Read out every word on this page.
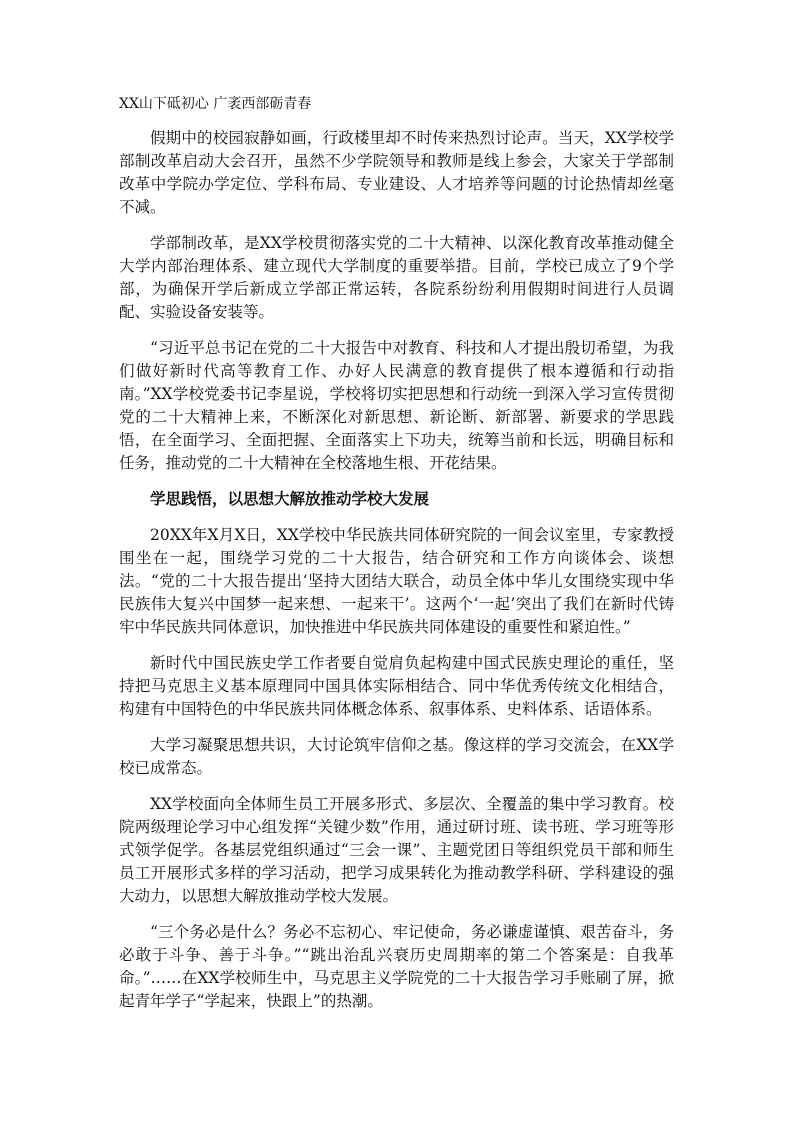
XX山下砥初心 广袤西部砺青春

假期中的校园寂静如画，行政楼里却不时传来热烈讨论声。当天，XX学校学部制改革启动大会召开，虽然不少学院领导和教师是线上参会，大家关于学部制改革中学院办学定位、学科布局、专业建设、人才培养等问题的讨论热情却丝毫不减。

学部制改革，是XX学校贯彻落实党的二十大精神、以深化教育改革推动健全大学内部治理体系、建立现代大学制度的重要举措。目前，学校已成立了9个学部，为确保开学后新成立学部正常运转，各院系纷纷利用假期时间进行人员调配、实验设备安装等。

“习近平总书记在党的二十大报告中对教育、科技和人才提出殷切希望，为我们做好新时代高等教育工作、办好人民满意的教育提供了根本遵循和行动指南。”XX学校党委书记李星说，学校将切实把思想和行动统一到深入学习宣传贯彻党的二十大精神上来，不断深化对新思想、新论断、新部署、新要求的学思践悟，在全面学习、全面把握、全面落实上下功夫，统筹当前和长远，明确目标和任务，推动党的二十大精神在全校落地生根、开花结果。

学思践悟，以思想大解放推动学校大发展

20XX年X月X日，XX学校中华民族共同体研究院的一间会议室里，专家教授围坐在一起，围绕学习党的二十大报告，结合研究和工作方向谈体会、谈想法。“党的二十大报告提出‘坚持大团结大联合，动员全体中华儿女围绕实现中华民族伟大复兴中国梦一起来想、一起来干’。这两个‘一起’突出了我们在新时代铸牢中华民族共同体意识，加快推进中华民族共同体建设的重要性和紧迫性。”

新时代中国民族史学工作者要自觉肩负起构建中国式民族史理论的重任，坚持把马克思主义基本原理同中国具体实际相结合、同中华优秀传统文化相结合，构建有中国特色的中华民族共同体概念体系、叙事体系、史料体系、话语体系。

大学习凝聚思想共识，大讨论筑牢信仰之基。像这样的学习交流会，在XX学校已成常态。

XX学校面向全体师生员工开展多形式、多层次、全覆盖的集中学习教育。校院两级理论学习中心组发挥“关键少数”作用，通过研讨班、读书班、学习班等形式领学促学。各基层党组织通过“三会一课”、主题党团日等组织党员干部和师生员工开展形式多样的学习活动，把学习成果转化为推动教学科研、学科建设的强大动力，以思想大解放推动学校大发展。

“三个务必是什么？务必不忘初心、牢记使命，务必谦虚谨慎、艰苦奋斗，务必敢于斗争、善于斗争。”“跳出治乱兴衰历史周期率的第二个答案是：自我革命。”……在XX学校师生中，马克思主义学院党的二十大报告学习手账刷了屏，掀起青年学子“学起来，快跟上”的热潮。
